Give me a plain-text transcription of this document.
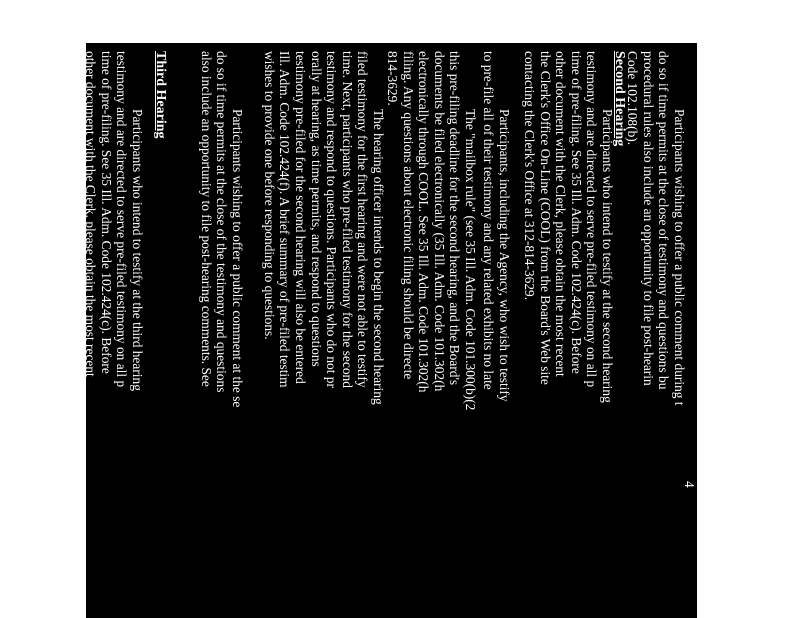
4
Participants wishing to offer a public comment during t
do so if time permits at the close of testimony and questions bu
procedural rules also include an opportunity to file post-hearin
Code 102.108(b).
Second Hearing
Participants who intend to testify at the second hearing
testimony and are directed to serve pre-filed testimony on all p
time of pre-filing. See 35 Ill. Adm. Code 102.424(c). Before
other document with the Clerk, please obtain the most recent
the Clerk's Office On-Line (COOL) from the Board's Web site
contacting the Clerk's Office at 312-814-3629.
Participants, including the Agency, who wish to testify
to pre-file all of their testimony and any related exhibits no late
The "mailbox rule" (see 35 Ill. Adm. Code 101.300(b)(2
this pre-filing deadline for the second hearing, and the Board's
documents be filed electronically (35 Ill. Adm. Code 101.302(h
electronically through COOL. See 35 Ill. Adm. Code 101.302(h
filing. Any questions about electronic filing should be directe
814-3629.
The hearing officer intends to begin the second hearing
filed testimony for the first hearing and were not able to testify
time. Next, participants who pre-filed testimony for the second
testimony and respond to questions. Participants who do not pr
orally at hearing, as time permits, and respond to questions
testimony pre-filed for the second hearing will also be entered
Ill. Adm. Code 102.424(f). A brief summary of pre-filed testim
wishes to provide one before responding to questions.
Participants wishing to offer a public comment at the se
do so if time permits at the close of the testimony and questions
also include an opportunity to file post-hearing comments. See
Third Hearing
Participants who intend to testify at the third hearing
testimony and are directed to serve pre-filed testimony on all p
time of pre-filing. See 35 Ill. Adm. Code 102.424(c). Before
other document with the Clerk, please obtain the most recent
the Clerk's Office On-Line (COOL) from the Board's Web site
contacting the Clerk's Office at 312-814-3629.
